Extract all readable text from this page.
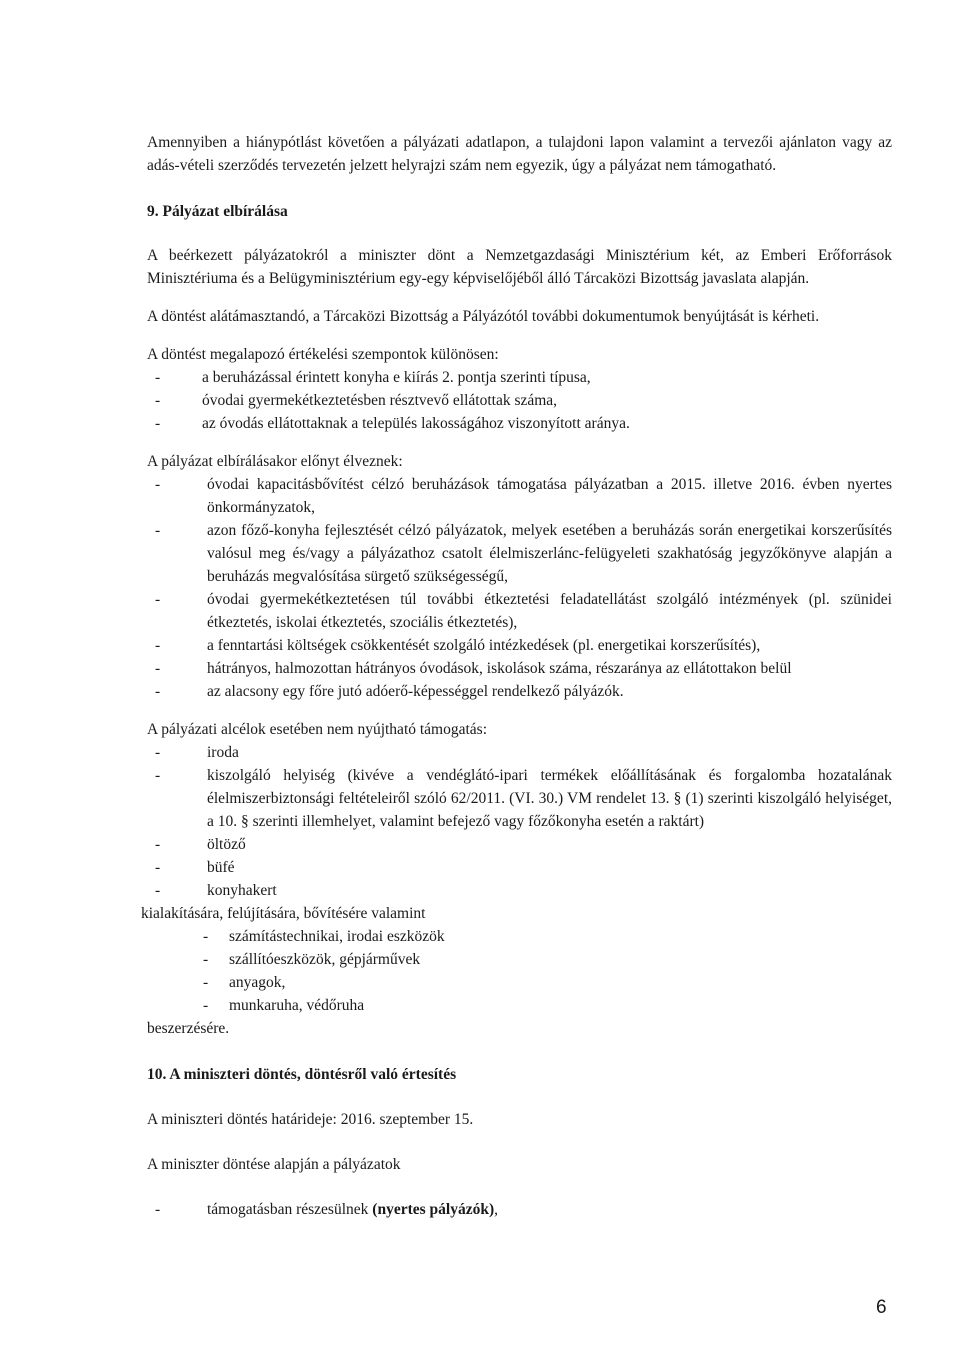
Amennyiben a hiánypótlást követően a pályázati adatlapon, a tulajdoni lapon valamint a tervezői ajánlaton vagy az adás-vételi szerződés tervezetén jelzett helyrajzi szám nem egyezik, úgy a pályázat nem támogatható.

9. Pályázat elbírálása

A beérkezett pályázatokról a miniszter dönt a Nemzetgazdasági Minisztérium két, az Emberi Erőforrások Minisztériuma és a Belügyminisztérium egy-egy képviselőjéből álló Tárcaközi Bizottság javaslata alapján.

A döntést alátámasztandó, a Tárcaközi Bizottság a Pályázótól további dokumentumok benyújtását is kérheti.

A döntést megalapozó értékelési szempontok különösen:

-	a beruházással érintett konyha e kiírás 2. pontja szerinti típusa,
-	óvodai gyermekétkeztetésben résztvevő ellátottak száma,
-	az óvodás ellátottaknak a település lakosságához viszonyított aránya.

A pályázat elbírálásakor előnyt élveznek:

-	óvodai kapacitásbővítést célzó beruházások támogatása pályázatban a 2015. illetve 2016. évben nyertes önkormányzatok,
-	azon főző-konyha fejlesztését célzó pályázatok, melyek esetében a beruházás során energetikai korszerűsítés valósul meg és/vagy a pályázathoz csatolt élelmiszerlánc-felügyeleti szakhatóság jegyzőkönyve alapján a beruházás megvalósítása sürgető szükségességű,
-	óvodai gyermekétkeztetésen túl további étkeztetési feladatellátást szolgáló intézmények (pl. szünidei étkeztetés, iskolai étkeztetés, szociális étkeztetés),
-	a fenntartási költségek csökkentését szolgáló intézkedések (pl. energetikai korszerűsítés),
-	hátrányos, halmozottan hátrányos óvodások, iskolások száma, részaránya az ellátottakon belül
-	az alacsony egy főre jutó adóerő-képességgel rendelkező pályázók.

A pályázati alcélok esetében nem nyújtható támogatás:

-	iroda
-	kiszolgáló helyiség (kivéve a vendéglátó-ipari termékek előállításának és forgalomba hozatalának élelmiszerbiztonsági feltételeiről szóló 62/2011. (VI. 30.) VM rendelet 13. § (1) szerinti kiszolgáló helyiséget, a 10. § szerinti illemhelyet, valamint befejező vagy főzőkonyha esetén a raktárt)
-	öltöző
-	büfé
-	konyhakert

kialakítására, felújítására, bővítésére valamint

- számítástechnikai, irodai eszközök
- szállítóeszközök, gépjárművek
- anyagok,
- munkaruha, védőruha

beszerzésére.

10. A miniszteri döntés, döntésről való értesítés

A miniszteri döntés határideje: 2016. szeptember 15.

A miniszter döntése alapján a pályázatok

-	támogatásban részesülnek (nyertes pályázók),
6
